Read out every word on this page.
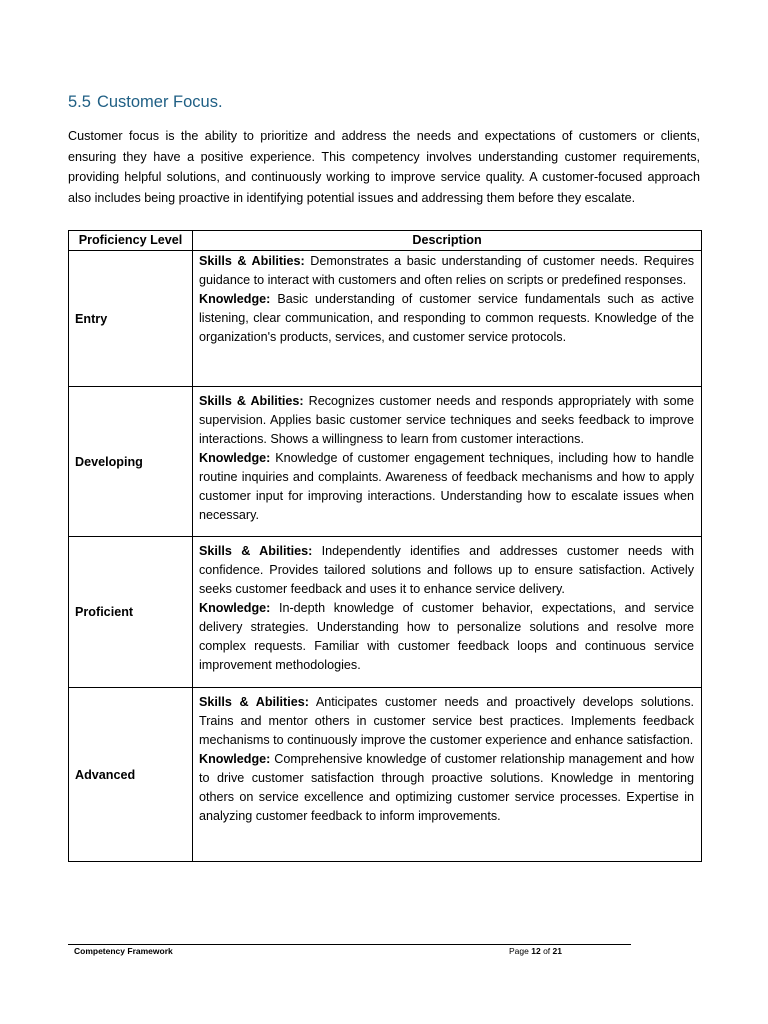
5.5 Customer Focus.

Customer focus is the ability to prioritize and address the needs and expectations of customers or clients, ensuring they have a positive experience. This competency involves understanding customer requirements, providing helpful solutions, and continuously working to improve service quality. A customer-focused approach also includes being proactive in identifying potential issues and addressing them before they escalate.

Proficiency Level	Description
Entry	Skills & Abilities: Demonstrates a basic understanding of customer needs. Requires guidance to interact with customers and often relies on scripts or predefined responses.

Knowledge: Basic understanding of customer service fundamentals such as active listening, clear communication, and responding to common requests. Knowledge of the organization's products, services, and customer service protocols.

Developing	Skills & Abilities: Recognizes customer needs and responds appropriately with some supervision. Applies basic customer service techniques and seeks feedback to improve interactions. Shows a willingness to learn from customer interactions.

Knowledge: Knowledge of customer engagement techniques, including how to handle routine inquiries and complaints. Awareness of feedback mechanisms and how to apply customer input for improving interactions. Understanding how to escalate issues when necessary.

Proficient	Skills & Abilities: Independently identifies and addresses customer needs with confidence. Provides tailored solutions and follows up to ensure satisfaction. Actively seeks customer feedback and uses it to enhance service delivery.

Knowledge: In-depth knowledge of customer behavior, expectations, and service delivery strategies. Understanding how to personalize solutions and resolve more complex requests. Familiar with customer feedback loops and continuous service improvement methodologies.

Advanced	Skills & Abilities: Anticipates customer needs and proactively develops solutions. Trains and mentor others in customer service best practices. Implements feedback mechanisms to continuously improve the customer experience and enhance satisfaction.

Knowledge: Comprehensive knowledge of customer relationship management and how to drive customer satisfaction through proactive solutions. Knowledge in mentoring others on service excellence and optimizing customer service processes. Expertise in analyzing customer feedback to inform improvements.

Competency Framework	Page 12 of 21
